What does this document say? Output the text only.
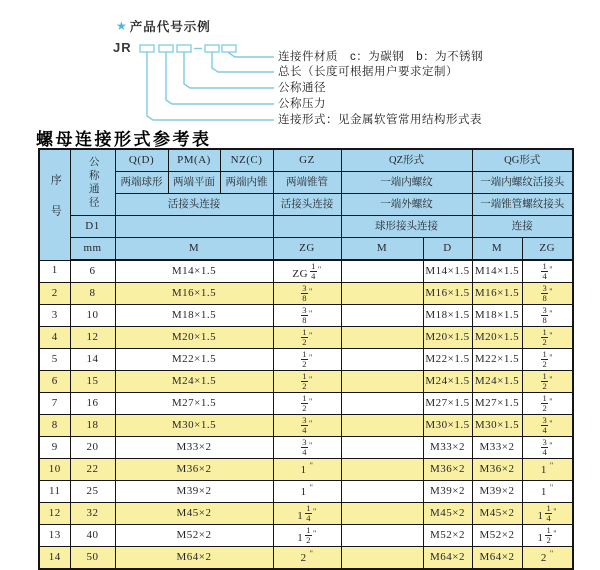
★ 产品代号示例
JR
连接件材质　c：为碳钢　b：为不锈钢
总长（长度可根据用户要求定制）
公称通径
公称压力
连接形式：见金属软管常用结构形式表
螺母连接形式参考表
序号	公称通径	Q(D)	PM(A)	NZ(C)	GZ	QZ形式		QG形式	
		两端球形	两端平面	两端内锥	两端锥管	一端内螺纹		一端内螺纹活接头	
		活接头连接			活接头连接	一端外螺纹		一端锥管螺纹接头	
	D1					球形接头连接		连接	
	mm	M			ZG	M	D	M	ZG
1	6	M14×1.5			ZG $\frac{1}{4} ^"$		M14×1.5	M14×1.5	$\frac{1}{4} ^"$
2	8	M16×1.5			$\frac{3}{8} ^"$		M16×1.5	M16×1.5	$\frac{3}{8} ^"$
3	10	M18×1.5			$\frac{3}{8} ^"$		M18×1.5	M18×1.5	$\frac{3}{8} ^"$
4	12	M20×1.5			$\frac{1}{2} ^"$		M20×1.5	M20×1.5	$\frac{1}{2} ^"$
5	14	M22×1.5			$\frac{1}{2} ^"$		M22×1.5	M22×1.5	$\frac{1}{2} ^"$
6	15	M24×1.5			$\frac{1}{2} ^"$		M24×1.5	M24×1.5	$\frac{1}{2} ^"$
7	16	M27×1.5			$\frac{1}{2} ^"$		M27×1.5	M27×1.5	$\frac{1}{2} ^"$
8	18	M30×1.5			$\frac{3}{4} ^"$		M30×1.5	M30×1.5	$\frac{3}{4} ^"$
9	20	M33×2			$\frac{3}{4} ^"$		M33×2	M33×2	$\frac{3}{4} ^"$
10	22	M36×2			1 "		M36×2	M36×2	1 "
11	25	M39×2			1 "		M39×2	M39×2	1 "
12	32	M45×2			$1 \frac{1}{4} ^"$		M45×2	M45×2	$1 \frac{1}{4} ^"$
13	40	M52×2			$1 \frac{1}{2} ^"$		M52×2	M52×2	$1 \frac{1}{2} ^"$
14	50	M64×2			2 "		M64×2	M64×2	2 "
